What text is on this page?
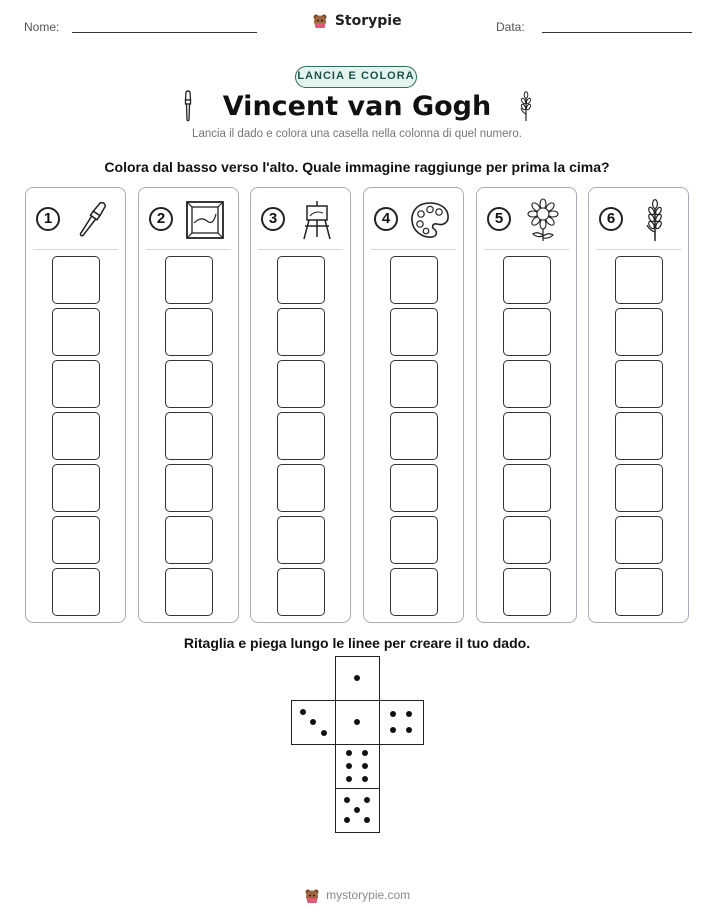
Nome:	Storypie	Data:
LANCIA E COLORA
Vincent van Gogh
Lancia il dado e colora una casella nella colonna di quel numero.
Colora dal basso verso l'alto. Quale immagine raggiunge per prima la cima?
1	2	3	4	5	6
Ritaglia e piega lungo le linee per creare il tuo dado.
mystorypie.com
